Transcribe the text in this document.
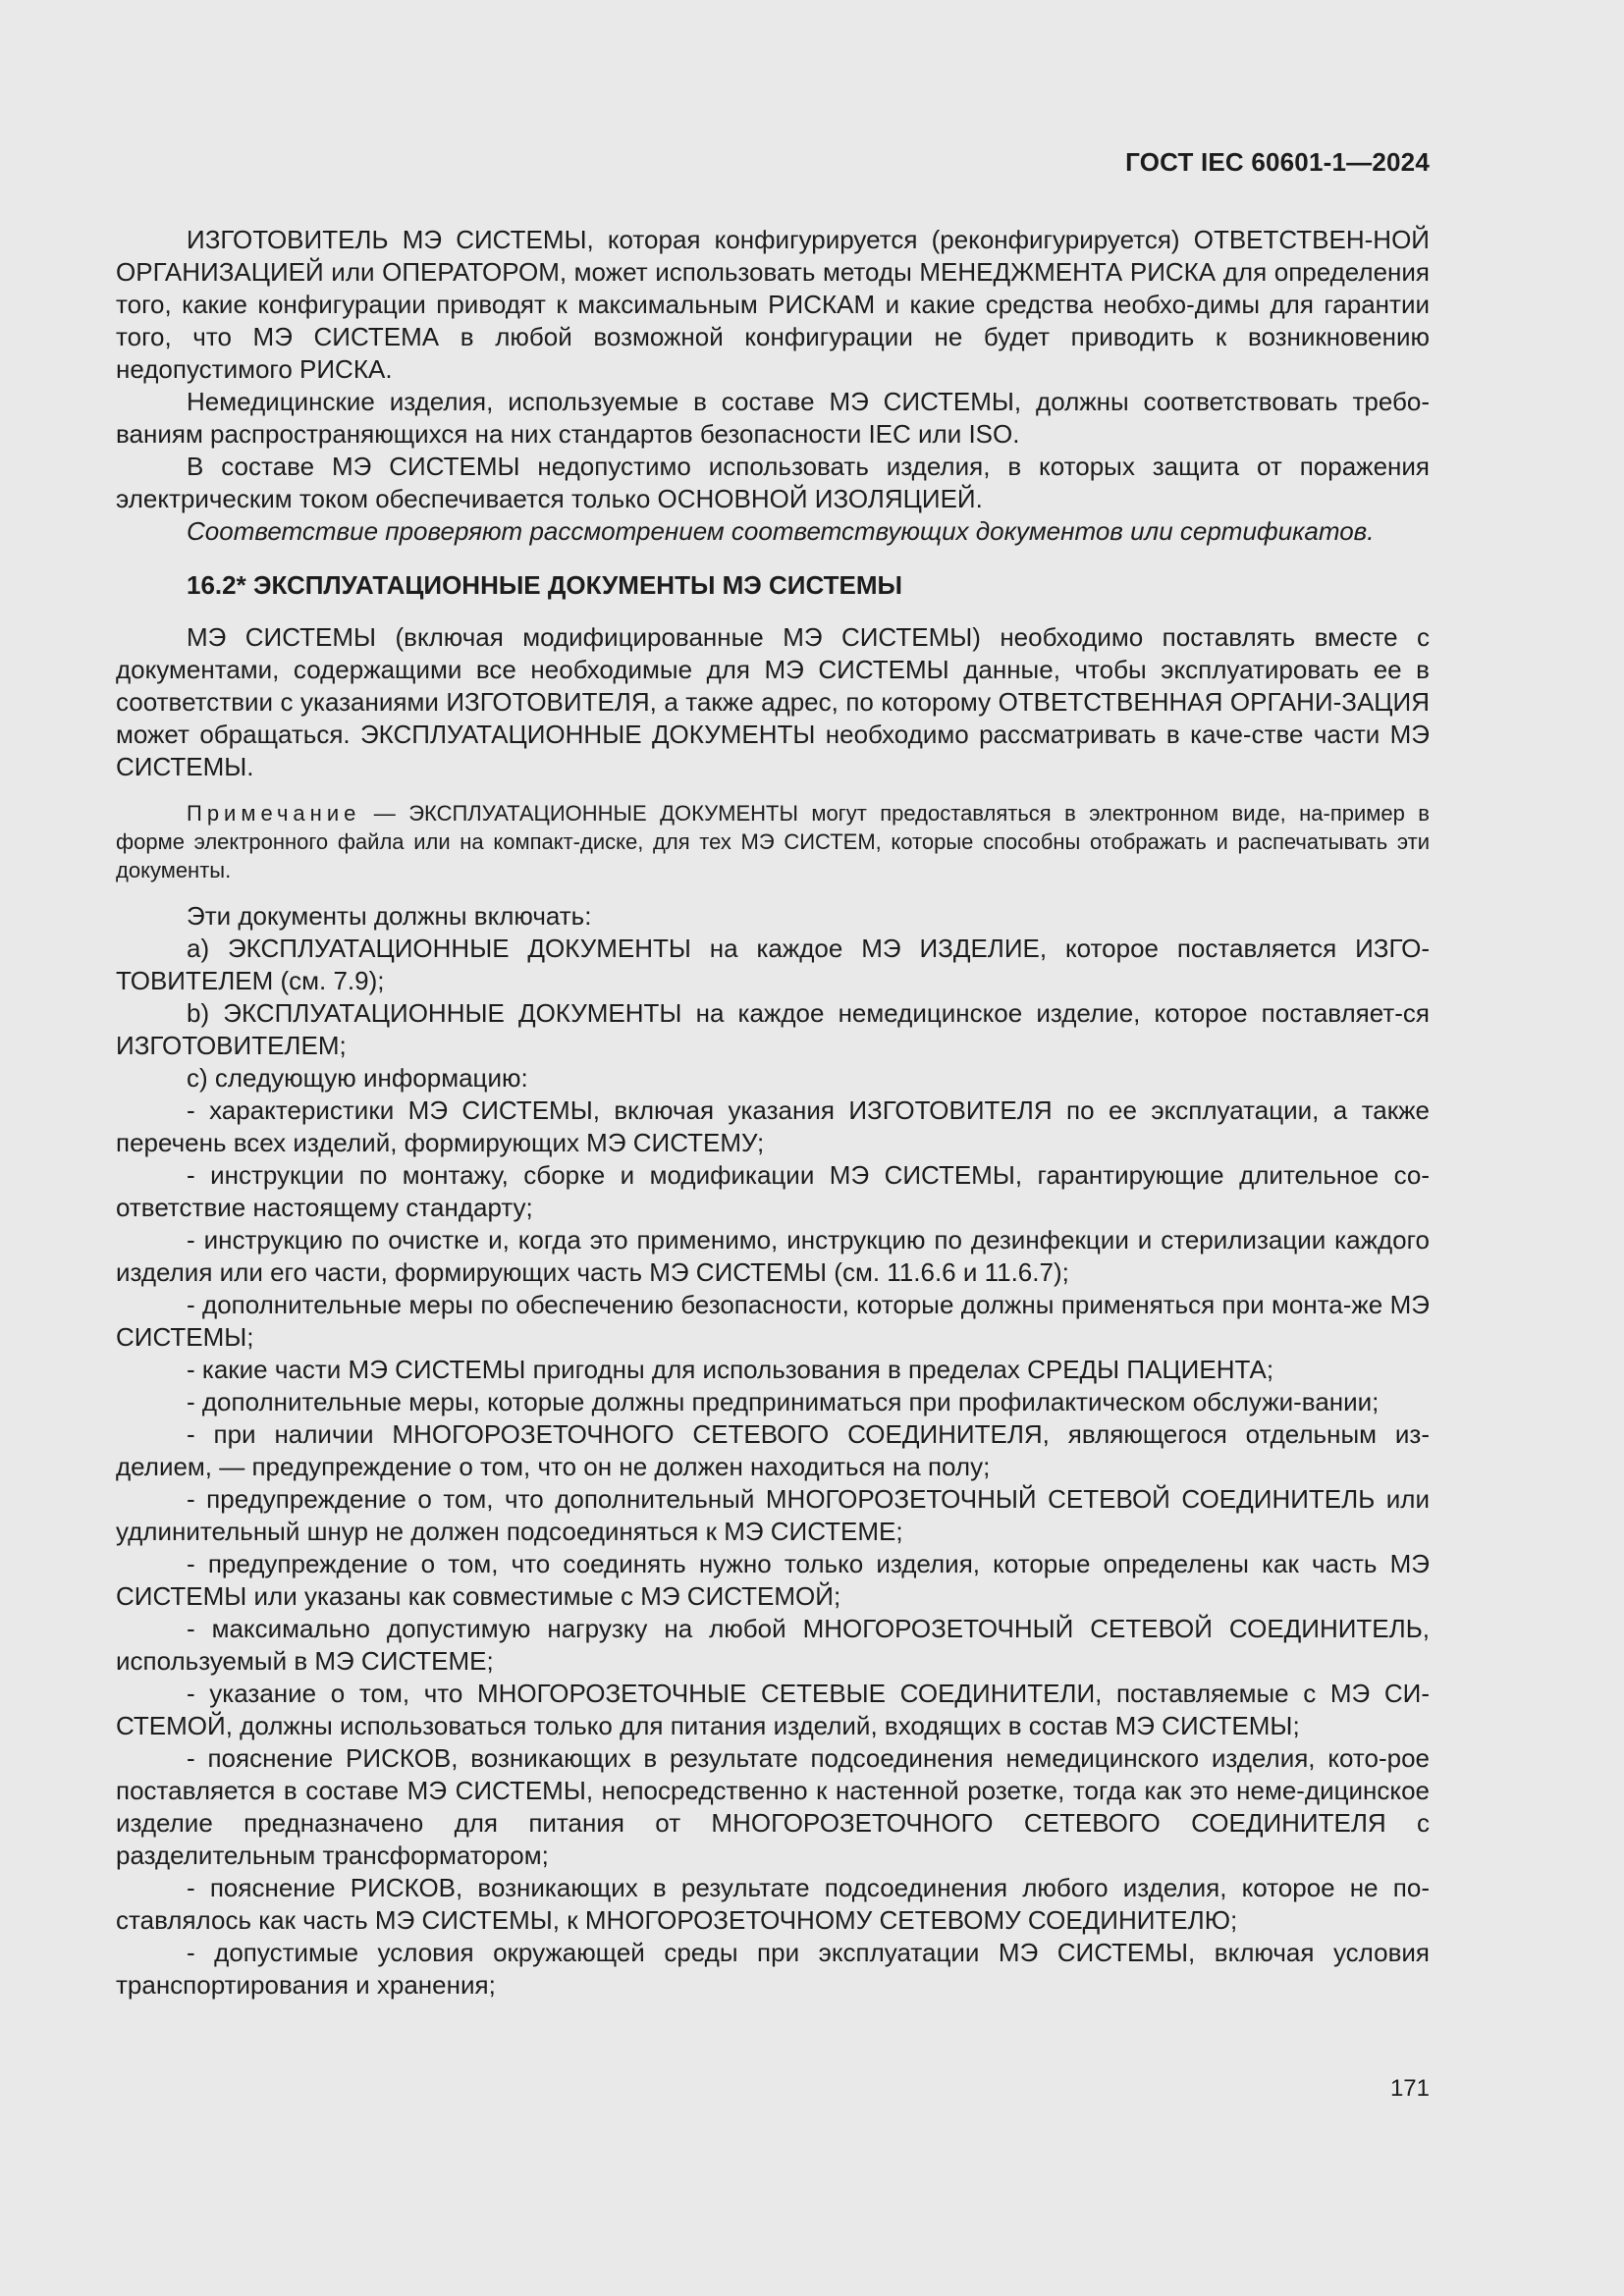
ГОСТ IEC 60601-1—2024

ИЗГОТОВИТЕЛЬ МЭ СИСТЕМЫ, которая конфигурируется (реконфигурируется) ОТВЕТСТВЕН-НОЙ ОРГАНИЗАЦИЕЙ или ОПЕРАТОРОМ, может использовать методы МЕНЕДЖМЕНТА РИСКА для определения того, какие конфигурации приводят к максимальным РИСКАМ и какие средства необхо-димы для гарантии того, что МЭ СИСТЕМА в любой возможной конфигурации не будет приводить к возникновению недопустимого РИСКА.

Немедицинские изделия, используемые в составе МЭ СИСТЕМЫ, должны соответствовать требо-ваниям распространяющихся на них стандартов безопасности IEC или ISO.

В составе МЭ СИСТЕМЫ недопустимо использовать изделия, в которых защита от поражения электрическим током обеспечивается только ОСНОВНОЙ ИЗОЛЯЦИЕЙ.

Соответствие проверяют рассмотрением соответствующих документов или сертификатов.

16.2* ЭКСПЛУАТАЦИОННЫЕ ДОКУМЕНТЫ МЭ СИСТЕМЫ

МЭ СИСТЕМЫ (включая модифицированные МЭ СИСТЕМЫ) необходимо поставлять вместе с документами, содержащими все необходимые для МЭ СИСТЕМЫ данные, чтобы эксплуатировать ее в соответствии с указаниями ИЗГОТОВИТЕЛЯ, а также адрес, по которому ОТВЕТСТВЕННАЯ ОРГАНИ-ЗАЦИЯ может обращаться. ЭКСПЛУАТАЦИОННЫЕ ДОКУМЕНТЫ необходимо рассматривать в каче-стве части МЭ СИСТЕМЫ.

Примечание — ЭКСПЛУАТАЦИОННЫЕ ДОКУМЕНТЫ могут предоставляться в электронном виде, на-пример в форме электронного файла или на компакт-диске, для тех МЭ СИСТЕМ, которые способны отображать и распечатывать эти документы.

Эти документы должны включать:

a) ЭКСПЛУАТАЦИОННЫЕ ДОКУМЕНТЫ на каждое МЭ ИЗДЕЛИЕ, которое поставляется ИЗГО-ТОВИТЕЛЕМ (см. 7.9);

b) ЭКСПЛУАТАЦИОННЫЕ ДОКУМЕНТЫ на каждое немедицинское изделие, которое поставляет-ся ИЗГОТОВИТЕЛЕМ;

c) следующую информацию:

- характеристики МЭ СИСТЕМЫ, включая указания ИЗГОТОВИТЕЛЯ по ее эксплуатации, а также перечень всех изделий, формирующих МЭ СИСТЕМУ;

- инструкции по монтажу, сборке и модификации МЭ СИСТЕМЫ, гарантирующие длительное со-ответствие настоящему стандарту;

- инструкцию по очистке и, когда это применимо, инструкцию по дезинфекции и стерилизации каждого изделия или его части, формирующих часть МЭ СИСТЕМЫ (см. 11.6.6 и 11.6.7);

- дополнительные меры по обеспечению безопасности, которые должны применяться при монта-же МЭ СИСТЕМЫ;

- какие части МЭ СИСТЕМЫ пригодны для использования в пределах СРЕДЫ ПАЦИЕНТА;

- дополнительные меры, которые должны предприниматься при профилактическом обслужи-вании;

- при наличии МНОГОРОЗЕТОЧНОГО СЕТЕВОГО СОЕДИНИТЕЛЯ, являющегося отдельным из-делием, — предупреждение о том, что он не должен находиться на полу;

- предупреждение о том, что дополнительный МНОГОРОЗЕТОЧНЫЙ СЕТЕВОЙ СОЕДИНИТЕЛЬ или удлинительный шнур не должен подсоединяться к МЭ СИСТЕМЕ;

- предупреждение о том, что соединять нужно только изделия, которые определены как часть МЭ СИСТЕМЫ или указаны как совместимые с МЭ СИСТЕМОЙ;

- максимально допустимую нагрузку на любой МНОГОРОЗЕТОЧНЫЙ СЕТЕВОЙ СОЕДИНИТЕЛЬ, используемый в МЭ СИСТЕМЕ;

- указание о том, что МНОГОРОЗЕТОЧНЫЕ СЕТЕВЫЕ СОЕДИНИТЕЛИ, поставляемые с МЭ СИ-СТЕМОЙ, должны использоваться только для питания изделий, входящих в состав МЭ СИСТЕМЫ;

- пояснение РИСКОВ, возникающих в результате подсоединения немедицинского изделия, кото-рое поставляется в составе МЭ СИСТЕМЫ, непосредственно к настенной розетке, тогда как это неме-дицинское изделие предназначено для питания от МНОГОРОЗЕТОЧНОГО СЕТЕВОГО СОЕДИНИТЕЛЯ с разделительным трансформатором;

- пояснение РИСКОВ, возникающих в результате подсоединения любого изделия, которое не по-ставлялось как часть МЭ СИСТЕМЫ, к МНОГОРОЗЕТОЧНОМУ СЕТЕВОМУ СОЕДИНИТЕЛЮ;

- допустимые условия окружающей среды при эксплуатации МЭ СИСТЕМЫ, включая условия транспортирования и хранения;

171
